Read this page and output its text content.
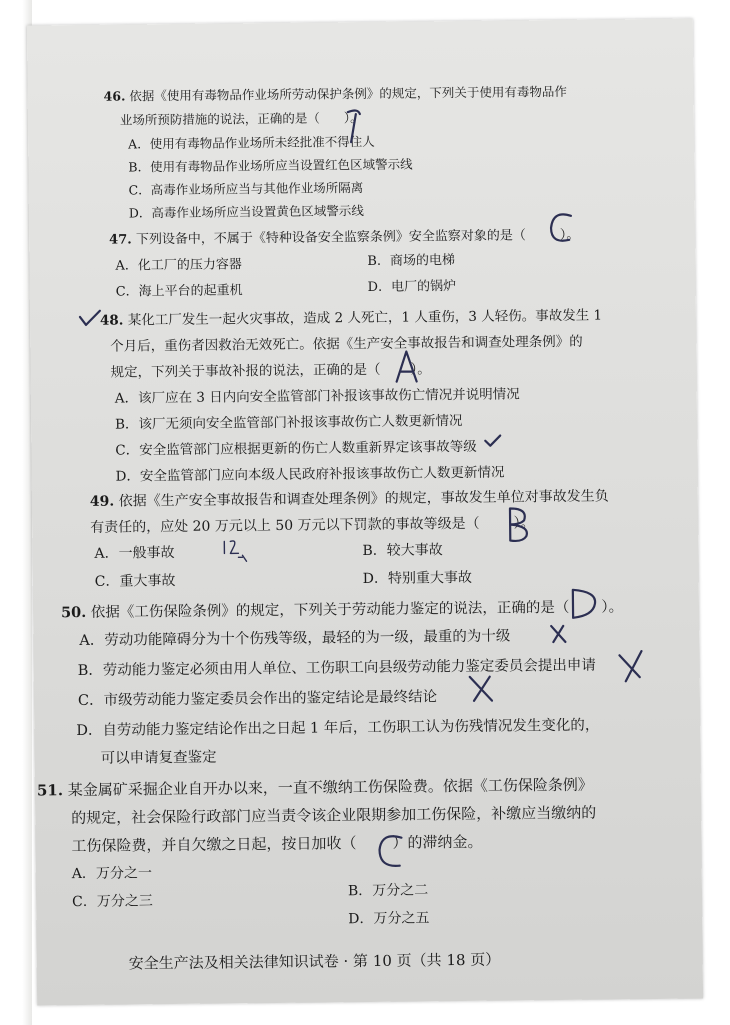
46. 依据《使用有毒物品作业场所劳动保护条例》的规定，下列关于使用有毒物品作
业场所预防措施的说法，正确的是（ ）。
A．使用有毒物品作业场所未经批准不得住人
B．使用有毒物品作业场所应当设置红色区域警示线
C．高毒作业场所应当与其他作业场所隔离
D．高毒作业场所应当设置黄色区域警示线
47. 下列设备中，不属于《特种设备安全监察条例》安全监察对象的是（	）。
A．化工厂的压力容器	B．商场的电梯
C．海上平台的起重机	D．电厂的锅炉
48. 某化工厂发生一起火灾事故，造成 2 人死亡，1 人重伤，3 人轻伤。事故发生 1
个月后，重伤者因救治无效死亡。依据《生产安全事故报告和调查处理条例》的
规定，下列关于事故补报的说法，正确的是（ ）。
A．该厂应在 3 日内向安全监管部门补报该事故伤亡情况并说明情况
B．该厂无须向安全监管部门补报该事故伤亡人数更新情况
C．安全监管部门应根据更新的伤亡人数重新界定该事故等级
D．安全监管部门应向本级人民政府补报该事故伤亡人数更新情况
49. 依据《生产安全事故报告和调查处理条例》的规定，事故发生单位对事故发生负
有责任的，应处 20 万元以上 50 万元以下罚款的事故等级是（ ）。
A．一般事故	B．较大事故
C．重大事故	D．特别重大事故
50. 依据《工伤保险条例》的规定，下列关于劳动能力鉴定的说法，正确的是（ ）。
A．劳动功能障碍分为十个伤残等级，最轻的为一级，最重的为十级
B．劳动能力鉴定必须由用人单位、工伤职工向县级劳动能力鉴定委员会提出申请
C．市级劳动能力鉴定委员会作出的鉴定结论是最终结论
D．自劳动能力鉴定结论作出之日起 1 年后，工伤职工认为伤残情况发生变化的，
可以申请复查鉴定
51. 某金属矿采掘企业自开办以来，一直不缴纳工伤保险费。依据《工伤保险条例》
的规定，社会保险行政部门应当责令该企业限期参加工伤保险，补缴应当缴纳的
工伤保险费，并自欠缴之日起，按日加收（ ）的滞纳金。
A．万分之一
B．万分之二
C．万分之三
D．万分之五
安全生产法及相关法律知识试卷 · 第 10 页（共 18 页）
